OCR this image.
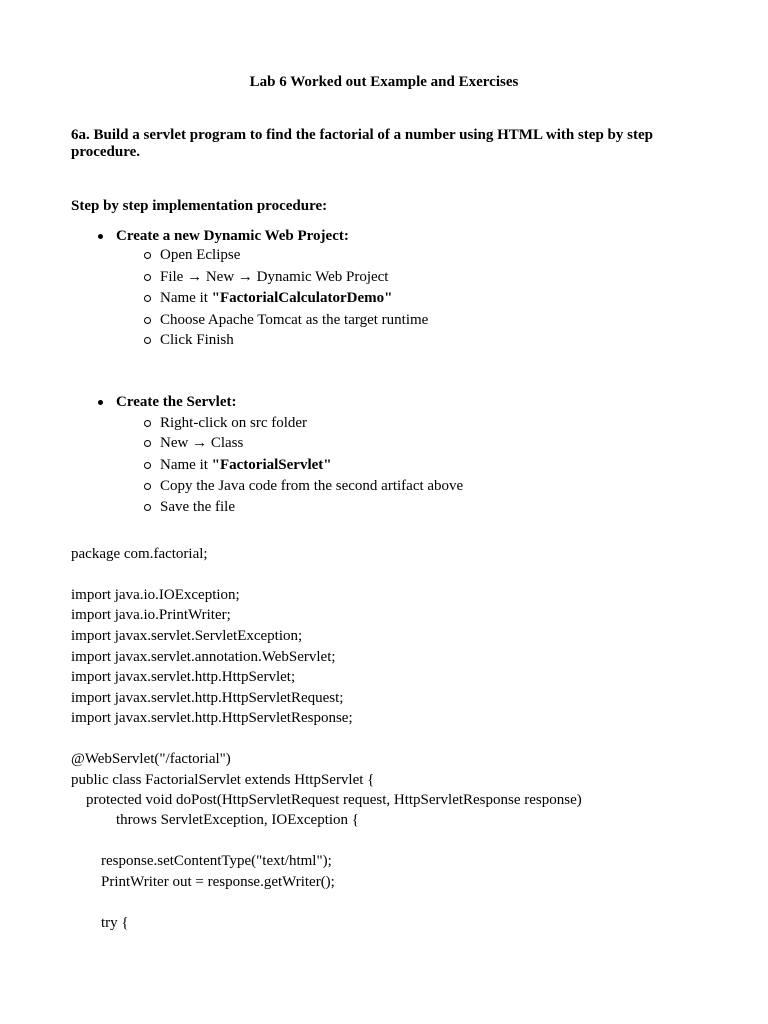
Lab 6 Worked out Example and Exercises
6a. Build a servlet program to find the factorial of a number using HTML with step by step procedure.
Step by step implementation procedure:
Create a new Dynamic Web Project:
Open Eclipse
File → New → Dynamic Web Project
Name it "FactorialCalculatorDemo"
Choose Apache Tomcat as the target runtime
Click Finish
Create the Servlet:
Right-click on src folder
New → Class
Name it "FactorialServlet"
Copy the Java code from the second artifact above
Save the file
package com.factorial;
import java.io.IOException;
import java.io.PrintWriter;
import javax.servlet.ServletException;
import javax.servlet.annotation.WebServlet;
import javax.servlet.http.HttpServlet;
import javax.servlet.http.HttpServletRequest;
import javax.servlet.http.HttpServletResponse;
@WebServlet("/factorial")
public class FactorialServlet extends HttpServlet {
protected void doPost(HttpServletRequest request, HttpServletResponse response)
throws ServletException, IOException {
response.setContentType("text/html");
PrintWriter out = response.getWriter();
try {
